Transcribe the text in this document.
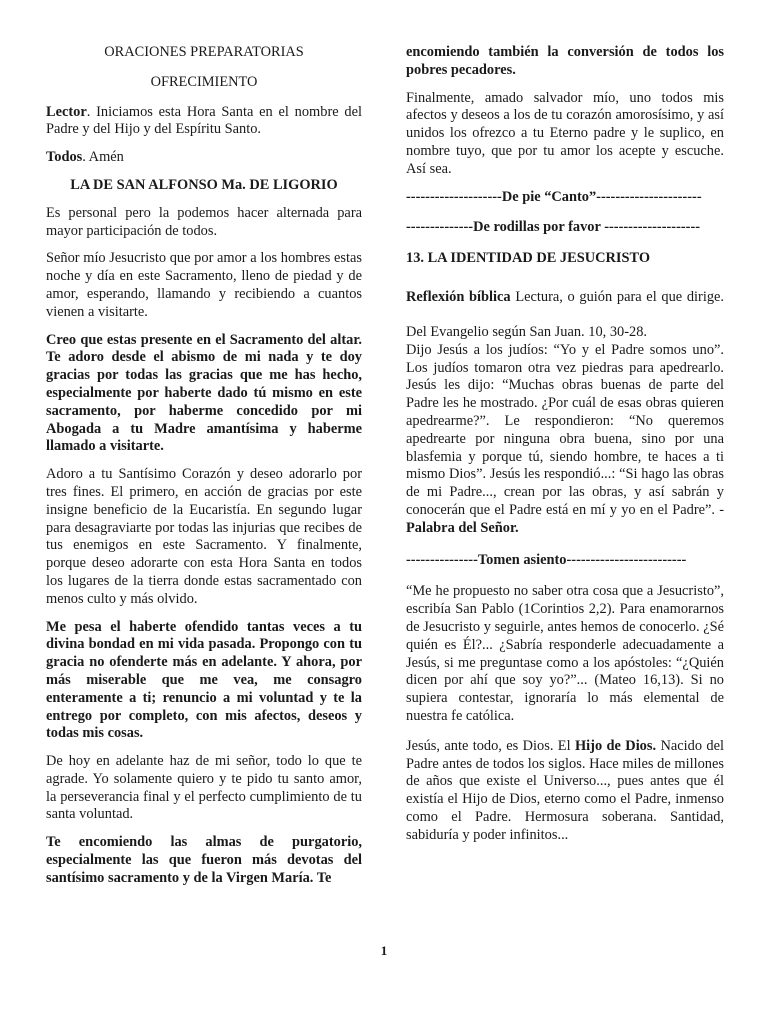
ORACIONES PREPARATORIAS

OFRECIMIENTO

Lector. Iniciamos esta Hora Santa en el nombre del Padre y del Hijo y del Espíritu Santo.

Todos. Amén

LA DE SAN ALFONSO Ma. DE LIGORIO

Es personal pero la podemos hacer alternada para mayor participación de todos.

Señor mío Jesucristo que por amor a los hombres estas noche y día en este Sacramento, lleno de piedad y de amor, esperando, llamando y recibiendo a cuantos vienen a visitarte.

Creo que estas presente en el Sacramento del altar. Te adoro desde el abismo de mi nada y te doy gracias por todas las gracias que me has hecho, especialmente por haberte dado tú mismo en este sacramento, por haberme concedido por mi Abogada a tu Madre amantísima y haberme llamado a visitarte.

Adoro a tu Santísimo Corazón y deseo adorarlo por tres fines. El primero, en acción de gracias por este insigne beneficio de la Eucaristía. En segundo lugar para desagraviarte por todas las injurias que recibes de tus enemigos en este Sacramento. Y finalmente, porque deseo adorarte con esta Hora Santa en todos los lugares de la tierra donde estas sacramentado con menos culto y más olvido.

Me pesa el haberte ofendido tantas veces a tu divina bondad en mi vida pasada. Propongo con tu gracia no ofenderte más en adelante. Y ahora, por más miserable que me vea, me consagro enteramente a ti; renuncio a mi voluntad y te la entrego por completo, con mis afectos, deseos y todas mis cosas.

De hoy en adelante haz de mi señor, todo lo que te agrade. Yo solamente quiero y te pido tu santo amor, la perseverancia final y el perfecto cumplimiento de tu santa voluntad.

Te encomiendo las almas de purgatorio, especialmente las que fueron más devotas del santísimo sacramento y de la Virgen María. Te

encomiendo también la conversión de todos los pobres pecadores.

Finalmente, amado salvador mío, uno todos mis afectos y deseos a los de tu corazón amorosísimo, y así unidos los ofrezco a tu Eterno padre y le suplico, en nombre tuyo, que por tu amor los acepte y escuche. Así sea.

--------------------De pie “Canto”----------------------

--------------De rodillas por favor --------------------

13. LA IDENTIDAD DE JESUCRISTO

Reflexión bíblica Lectura, o guión para el que dirige.

Del Evangelio según San Juan. 10, 30-28.
Dijo Jesús a los judíos: “Yo y el Padre somos uno”. Los judíos tomaron otra vez piedras para apedrearlo. Jesús les dijo: “Muchas obras buenas de parte del Padre les he mostrado. ¿Por cuál de esas obras quieren apedrearme?”. Le respondieron: “No queremos apedrearte por ninguna obra buena, sino por una blasfemia y porque tú, siendo hombre, te haces a ti mismo Dios”. Jesús les respondió...: “Si hago las obras de mi Padre..., crean por las obras, y así sabrán y conocerán que el Padre está en mí y yo en el Padre”. - Palabra del Señor.

---------------Tomen asiento-------------------------

“Me he propuesto no saber otra cosa que a Jesucristo”, escribía San Pablo (1Corintios 2,2). Para enamorarnos de Jesucristo y seguirle, antes hemos de conocerlo. ¿Sé quién es Él?... ¿Sabría responderle adecuadamente a Jesús, si me preguntase como a los apóstoles: “¿Quién dicen por ahí que soy yo?”... (Mateo 16,13). Si no supiera contestar, ignoraría lo más elemental de nuestra fe católica.

Jesús, ante todo, es Dios. El Hijo de Dios. Nacido del Padre antes de todos los siglos. Hace miles de millones de años que existe el Universo..., pues antes que él existía el Hijo de Dios, eterno como el Padre, inmenso como el Padre. Hermosura soberana. Santidad, sabiduría y poder infinitos...

1
